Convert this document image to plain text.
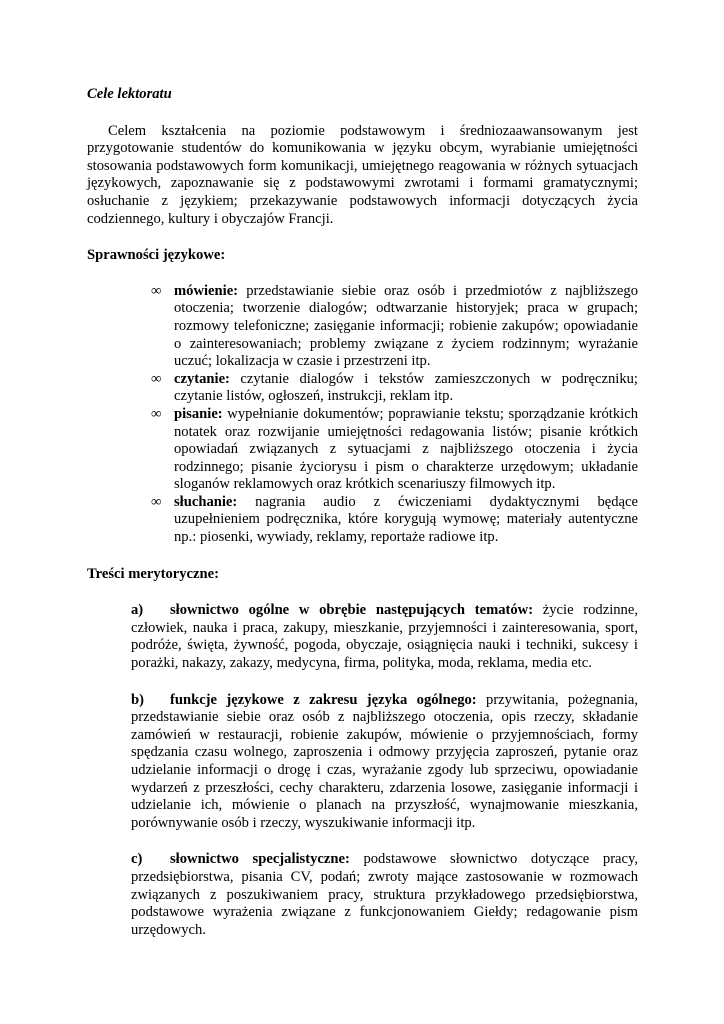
Cele lektoratu

Celem kształcenia na poziomie podstawowym i średniozaawansowanym jest przygotowanie studentów do komunikowania w języku obcym, wyrabianie umiejętności stosowania podstawowych form komunikacji, umiejętnego reagowania w różnych sytuacjach językowych, zapoznawanie się z podstawowymi zwrotami i formami gramatycznymi; osłuchanie z językiem; przekazywanie podstawowych informacji dotyczących życia codziennego, kultury i obyczajów Francji.

Sprawności językowe:

∞ mówienie: przedstawianie siebie oraz osób i przedmiotów z najbliższego otoczenia; tworzenie dialogów; odtwarzanie historyjek; praca w grupach; rozmowy telefoniczne; zasięganie informacji; robienie zakupów; opowiadanie o zainteresowaniach; problemy związane z życiem rodzinnym; wyrażanie uczuć; lokalizacja w czasie i przestrzeni itp.
∞ czytanie: czytanie dialogów i tekstów zamieszczonych w podręczniku; czytanie listów, ogłoszeń, instrukcji, reklam itp.
∞ pisanie: wypełnianie dokumentów; poprawianie tekstu; sporządzanie krótkich notatek oraz rozwijanie umiejętności redagowania listów; pisanie krótkich opowiadań związanych z sytuacjami z najbliższego otoczenia i życia rodzinnego; pisanie życiorysu i pism o charakterze urzędowym; układanie sloganów reklamowych oraz krótkich scenariuszy filmowych itp.
∞ słuchanie: nagrania audio z ćwiczeniami dydaktycznymi będące uzupełnieniem podręcznika, które korygują wymowę; materiały autentyczne np.: piosenki, wywiady, reklamy, reportaże radiowe itp.

Treści merytoryczne:

a) słownictwo ogólne w obrębie następujących tematów: życie rodzinne, człowiek, nauka i praca, zakupy, mieszkanie, przyjemności i zainteresowania, sport, podróże, święta, żywność, pogoda, obyczaje, osiągnięcia nauki i techniki, sukcesy i porażki, nakazy, zakazy, medycyna, firma, polityka, moda, reklama, media etc.
b) funkcje językowe z zakresu języka ogólnego: przywitania, pożegnania, przedstawianie siebie oraz osób z najbliższego otoczenia, opis rzeczy, składanie zamówień w restauracji, robienie zakupów, mówienie o przyjemnościach, formy spędzania czasu wolnego, zaproszenia i odmowy przyjęcia zaproszeń, pytanie oraz udzielanie informacji o drogę i czas, wyrażanie zgody lub sprzeciwu, opowiadanie wydarzeń z przeszłości, cechy charakteru, zdarzenia losowe, zasięganie informacji i udzielanie ich, mówienie o planach na przyszłość, wynajmowanie mieszkania, porównywanie osób i rzeczy, wyszukiwanie informacji itp.
c) słownictwo specjalistyczne: podstawowe słownictwo dotyczące pracy, przedsiębiorstwa, pisania CV, podań; zwroty mające zastosowanie w rozmowach związanych z poszukiwaniem pracy, struktura przykładowego przedsiębiorstwa, podstawowe wyrażenia związane z funkcjonowaniem Giełdy; redagowanie pism urzędowych.
